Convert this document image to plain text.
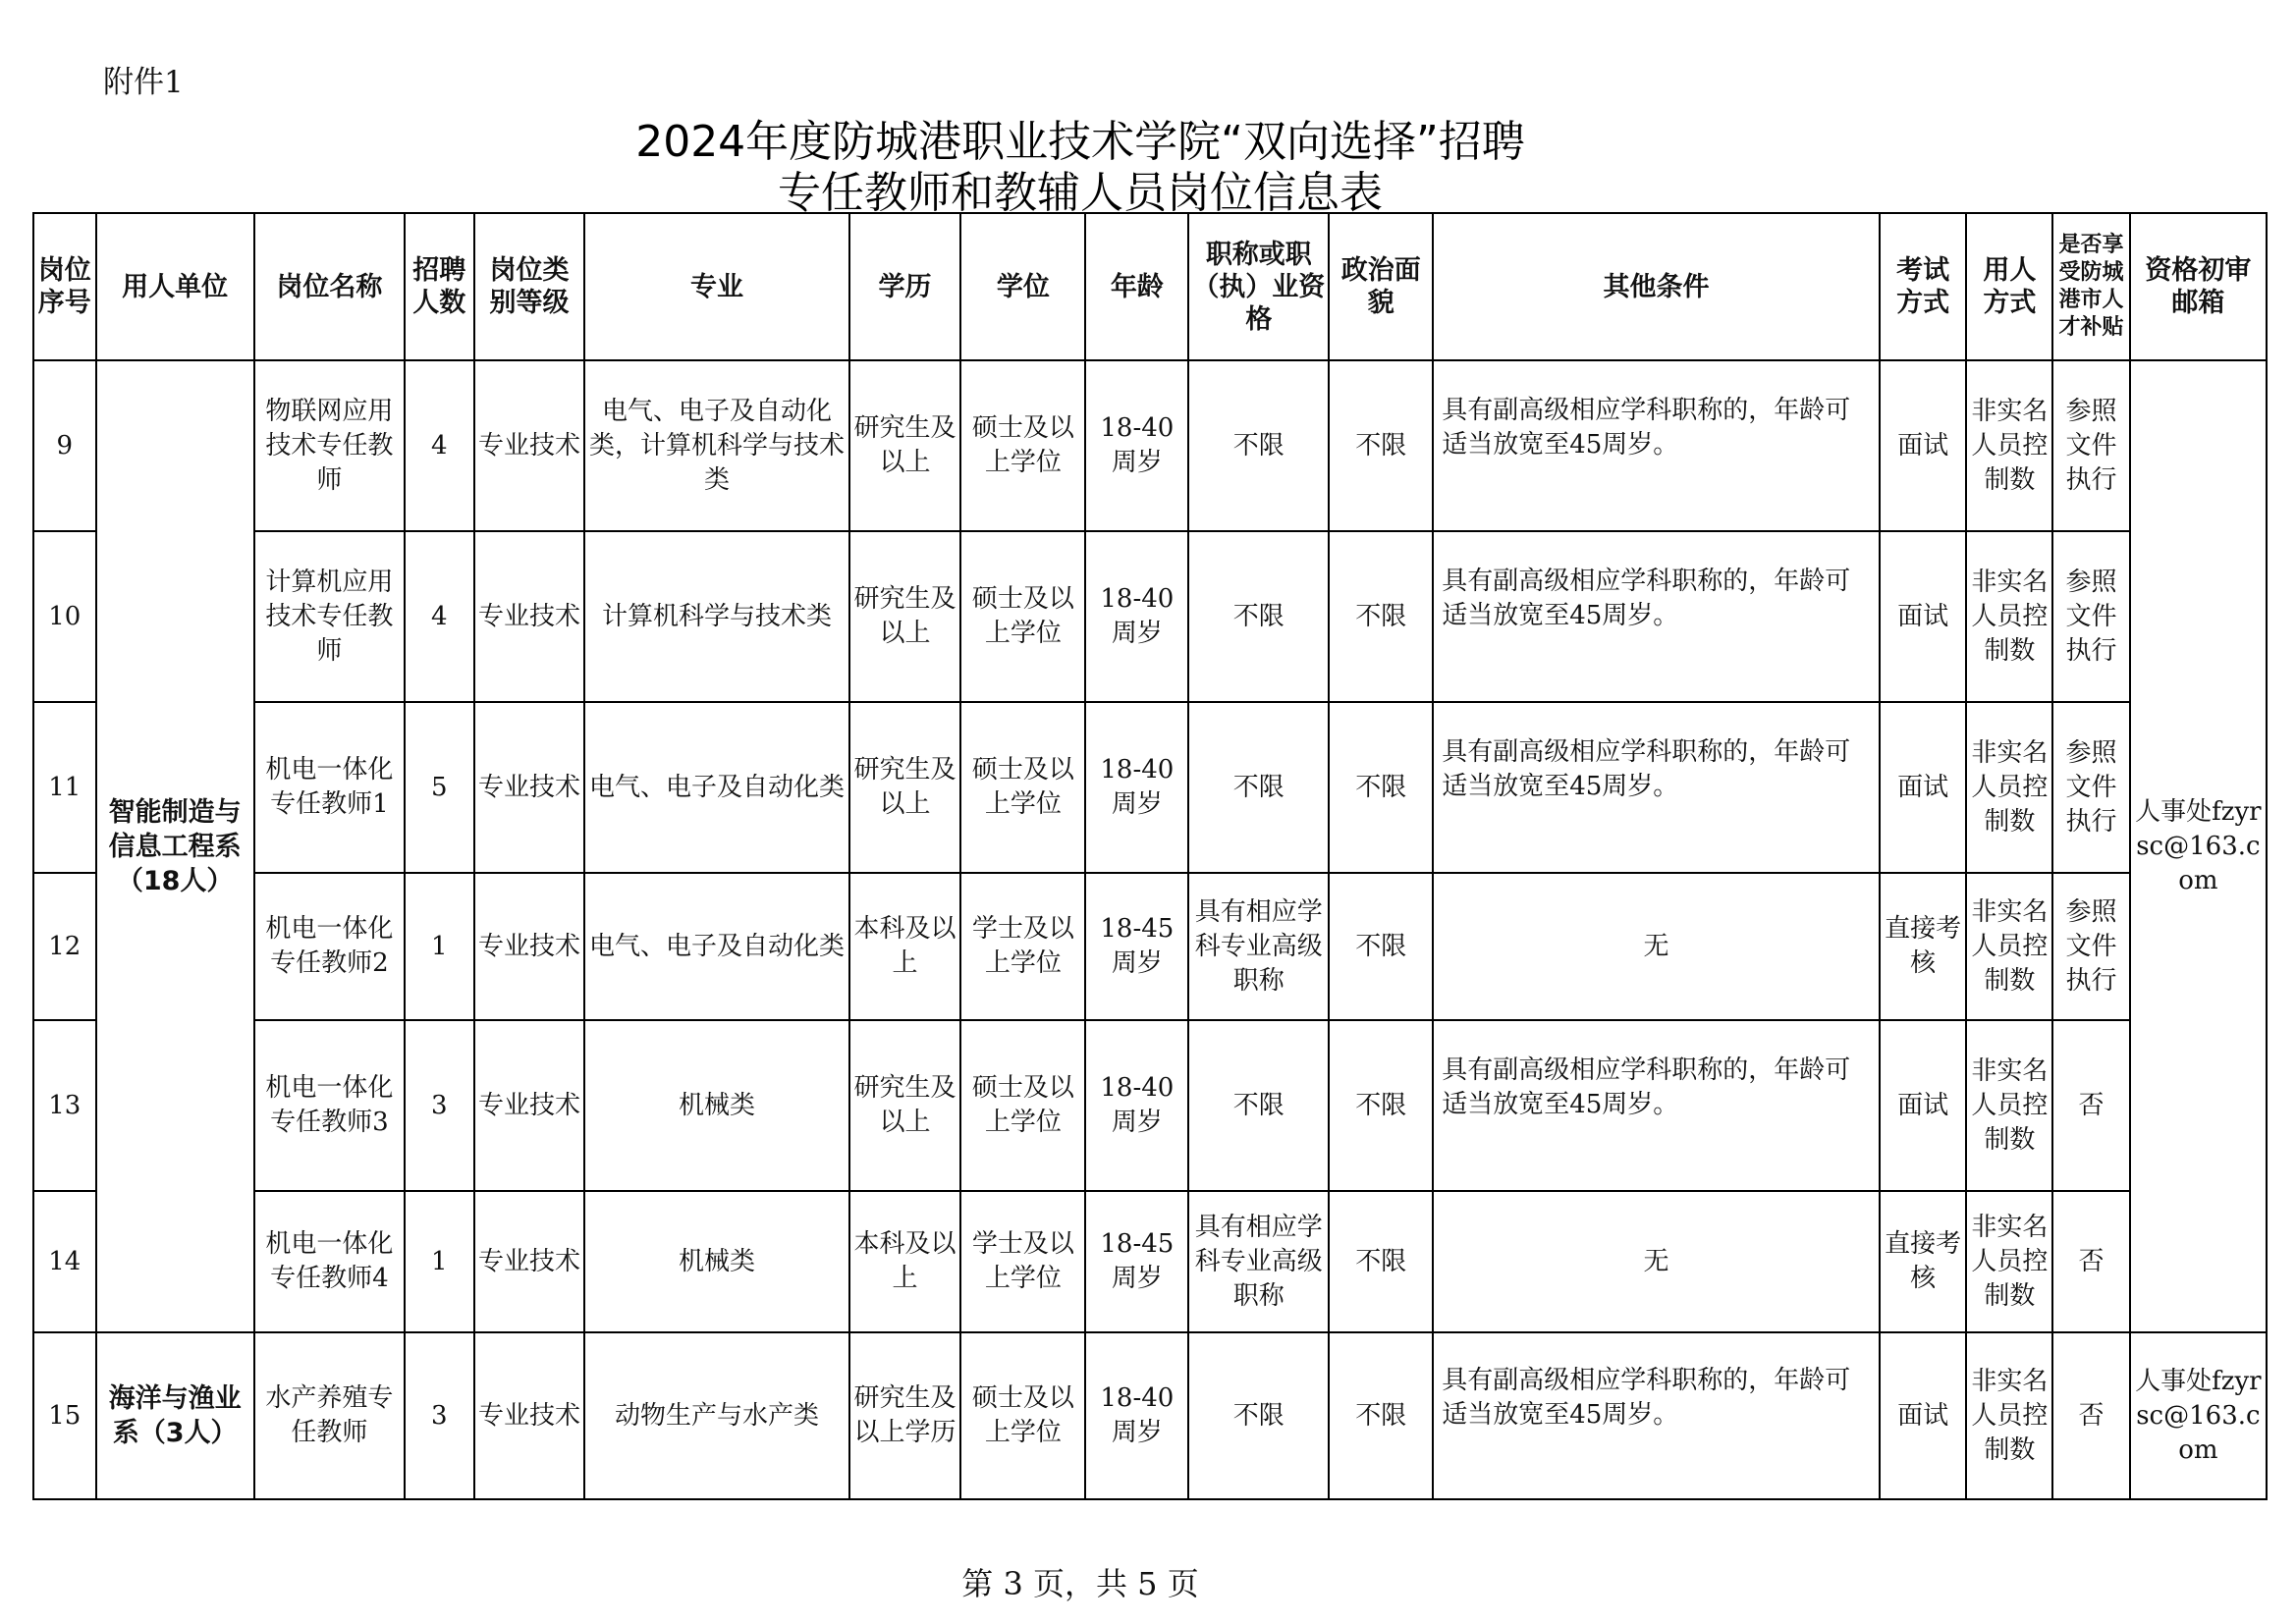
附件1
2024年度防城港职业技术学院“双向选择”招聘
专任教师和教辅人员岗位信息表
岗位序号	用人单位	岗位名称	招聘人数	岗位类别等级	专业	学历	学位	年龄	职称或职（执）业资格	政治面貌	其他条件	考试方式	用人方式	是否享受防城港市人才补贴	资格初审邮箱
9	智能制造与信息工程系（18人）	物联网应用技术专任教师	4	专业技术	电气、电子及自动化类，计算机科学与技术类	研究生及以上	硕士及以上学位	18-40周岁	不限	不限	具有副高级相应学科职称的，年龄可适当放宽至45周岁。	面试	非实名人员控制数	参照文件执行	人事处fzyrsc@163.com
10		计算机应用技术专任教师	4	专业技术	计算机科学与技术类	研究生及以上	硕士及以上学位	18-40周岁	不限	不限	具有副高级相应学科职称的，年龄可适当放宽至45周岁。	面试	非实名人员控制数	参照文件执行	
11		机电一体化专任教师1	5	专业技术	电气、电子及自动化类	研究生及以上	硕士及以上学位	18-40周岁	不限	不限	具有副高级相应学科职称的，年龄可适当放宽至45周岁。	面试	非实名人员控制数	参照文件执行	
12		机电一体化专任教师2	1	专业技术	电气、电子及自动化类	本科及以上	学士及以上学位	18-45周岁	具有相应学科专业高级职称	不限	无	直接考核	非实名人员控制数	参照文件执行	
13		机电一体化专任教师3	3	专业技术	机械类	研究生及以上	硕士及以上学位	18-40周岁	不限	不限	具有副高级相应学科职称的，年龄可适当放宽至45周岁。	面试	非实名人员控制数	否	
14		机电一体化专任教师4	1	专业技术	机械类	本科及以上	学士及以上学位	18-45周岁	具有相应学科专业高级职称	不限	无	直接考核	非实名人员控制数	否	
15	海洋与渔业系（3人）	水产养殖专任教师	3	专业技术	动物生产与水产类	研究生及以上学历	硕士及以上学位	18-40周岁	不限	不限	具有副高级相应学科职称的，年龄可适当放宽至45周岁。	面试	非实名人员控制数	否	人事处fzyrsc@163.com
第 3 页，共 5 页
